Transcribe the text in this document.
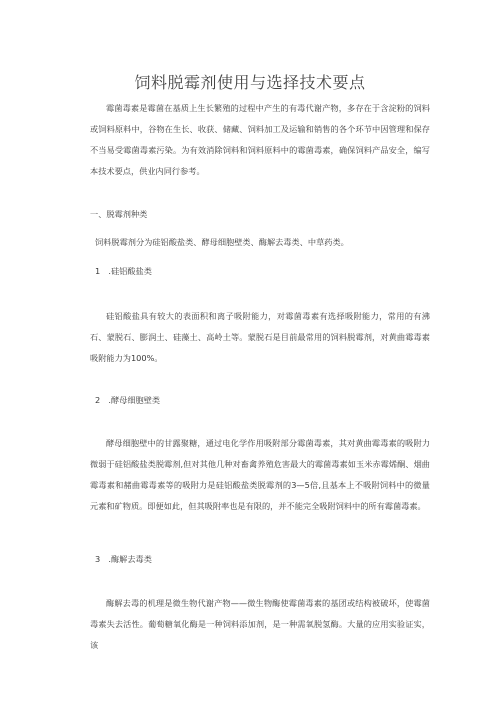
饲料脱霉剂使用与选择技术要点
霉菌毒素是霉菌在基质上生长繁殖的过程中产生的有毒代谢产物，多存在于含淀粉的饲料或饲料原料中，谷物在生长、收获、储藏、饲料加工及运输和销售的各个环节中因管理和保存不当易受霉菌毒素污染。为有效消除饲料和饲料原料中的霉菌毒素，确保饲料产品安全，编写本技术要点，供业内同行参考。
一、脱霉剂种类
饲料脱霉剂分为硅铝酸盐类、酵母细胞壁类、酶解去毒类、中草药类。
1　.硅铝酸盐类
硅铝酸盐具有较大的表面积和离子吸附能力，对霉菌毒素有选择吸附能力，常用的有沸石、蒙脱石、膨润土、硅藻土、高岭土等。蒙脱石是目前最常用的饲料脱霉剂，对黄曲霉毒素吸附能力为100%。
2　.酵母细胞壁类
酵母细胞壁中的甘露聚糖，通过电化学作用吸附部分霉菌毒素，其对黄曲霉毒素的吸附力微弱于硅铝酸盐类脱霉剂,但对其他几种对畜禽养殖危害最大的霉菌毒素如玉米赤霉烯酮、烟曲霉毒素和赭曲霉毒素等的吸附力是硅铝酸盐类脱霉剂的3—5倍,且基本上不吸附饲料中的微量元素和矿物质。即便如此，但其吸附率也是有限的，并不能完全吸附饲料中的所有霉菌毒素。
3　.酶解去毒类
酶解去毒的机理是微生物代谢产物——微生物酶使霉菌毒素的基团或结构被破坏，使霉菌毒素失去活性。葡萄糖氧化酶是一种饲料添加剂，是一种需氧脱氢酶。大量的应用实验证实，该
